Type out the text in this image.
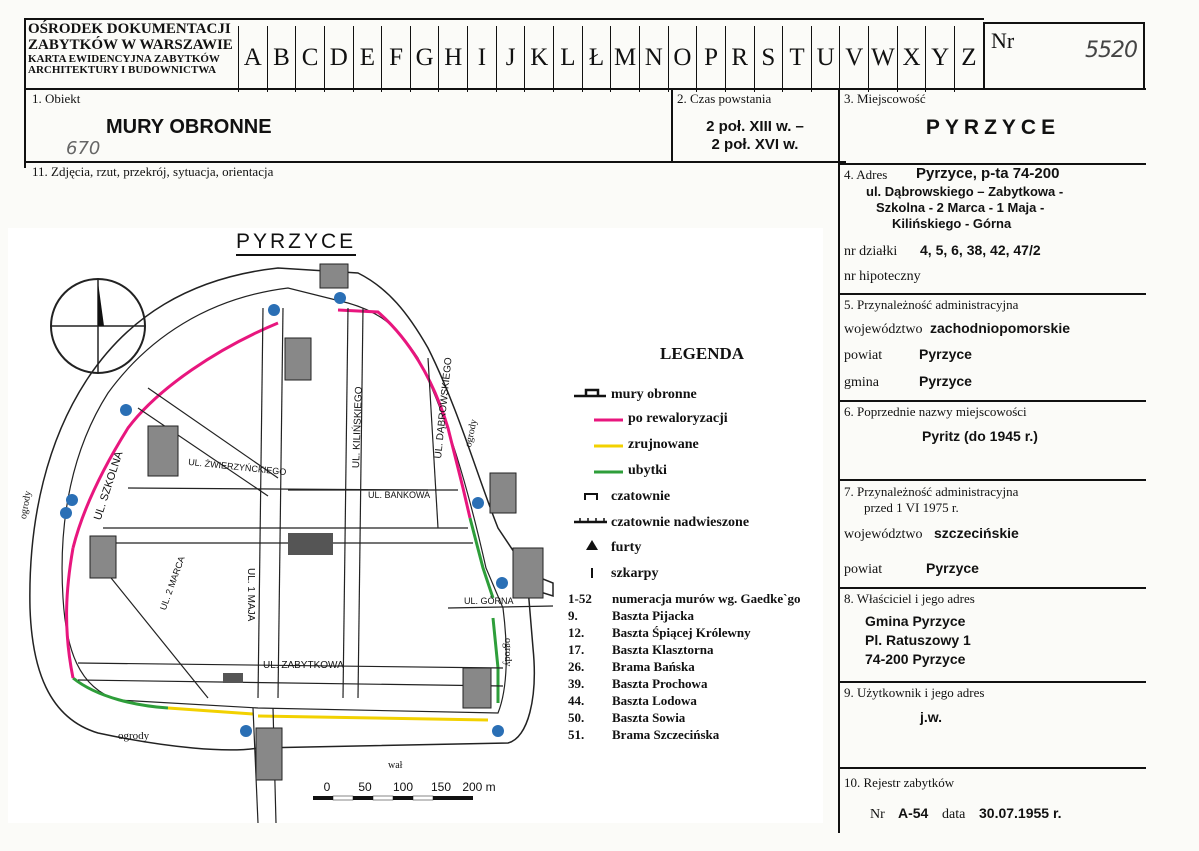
OŚRODEK DOKUMENTACJI
ZABYTKÓW W WARSZAWIE
KARTA EWIDENCYJNA ZABYTKÓW
ARCHITEKTURY I BUDOWNICTWA	A B C D E F G H I J K L Ł M N O P R S T U V W X Y Z
Nr	5520
1. Obiekt
MURY OBRONNE
670
2. Czas powstania
2 poł. XIII w. –
2 poł. XVI w.
3. Miejscowość
PYRZYCE
11. Zdjęcia, rzut, przekrój, sytuacja, orientacja	4. Adres Pyrzyce, p-ta 74-200
ul. Dąbrowskiego – Zabytkowa -
Szkolna - 2 Marca - 1 Maja -
Kilińskiego - Górna
nr działki 4, 5, 6, 38, 42, 47/2
nr hipoteczny
5. Przynależność administracyjna
województwo zachodniopomorskie
powiat	Pyrzyce
gmina	Pyrzyce
6. Poprzednie nazwy miejscowości
Pyritz (do 1945 r.)
7. Przynależność administracyjna
przed 1 VI 1975 r.
województwo szczecińskie
powiat	Pyrzyce
8. Właściciel i jego adres
Gmina Pyrzyce
Pl. Ratuszowy 1
74-200 Pyrzyce
9. Użytkownik i jego adres
j.w.
10. Rejestr zabytków
Nr A-54 data 30.07.1955 r.
PYRZYCE
LEGENDA
mury obronne
po rewaloryzacji
zrujnowane
ubytki
czatownie
czatownie nadwieszone
furty
szkarpy
1-52	numeracja murów wg. Gaedke`go
9.	Baszta Pijacka
12.	Baszta Śpiącej Królewny
17.	Baszta Klasztorna
26.	Brama Bańska
39.	Baszta Prochowa
44.	Baszta Lodowa
50.	Baszta Sowia
51.	Brama Szczecińska
UL. SZKOLNA	UL. ŻWIERZYŃCKIEGO
UL. 1 MAJA
UL. KILIŃSKIEGO
UL. BANKOWA
UL. DĄBROWSKIEGO
UL. GÓRNA
UL. ZABYTKOWA
UL. 2 MARCA
ogrody
ogrody
ogrody
ogrody
wał
0	50	100	150 200 m
